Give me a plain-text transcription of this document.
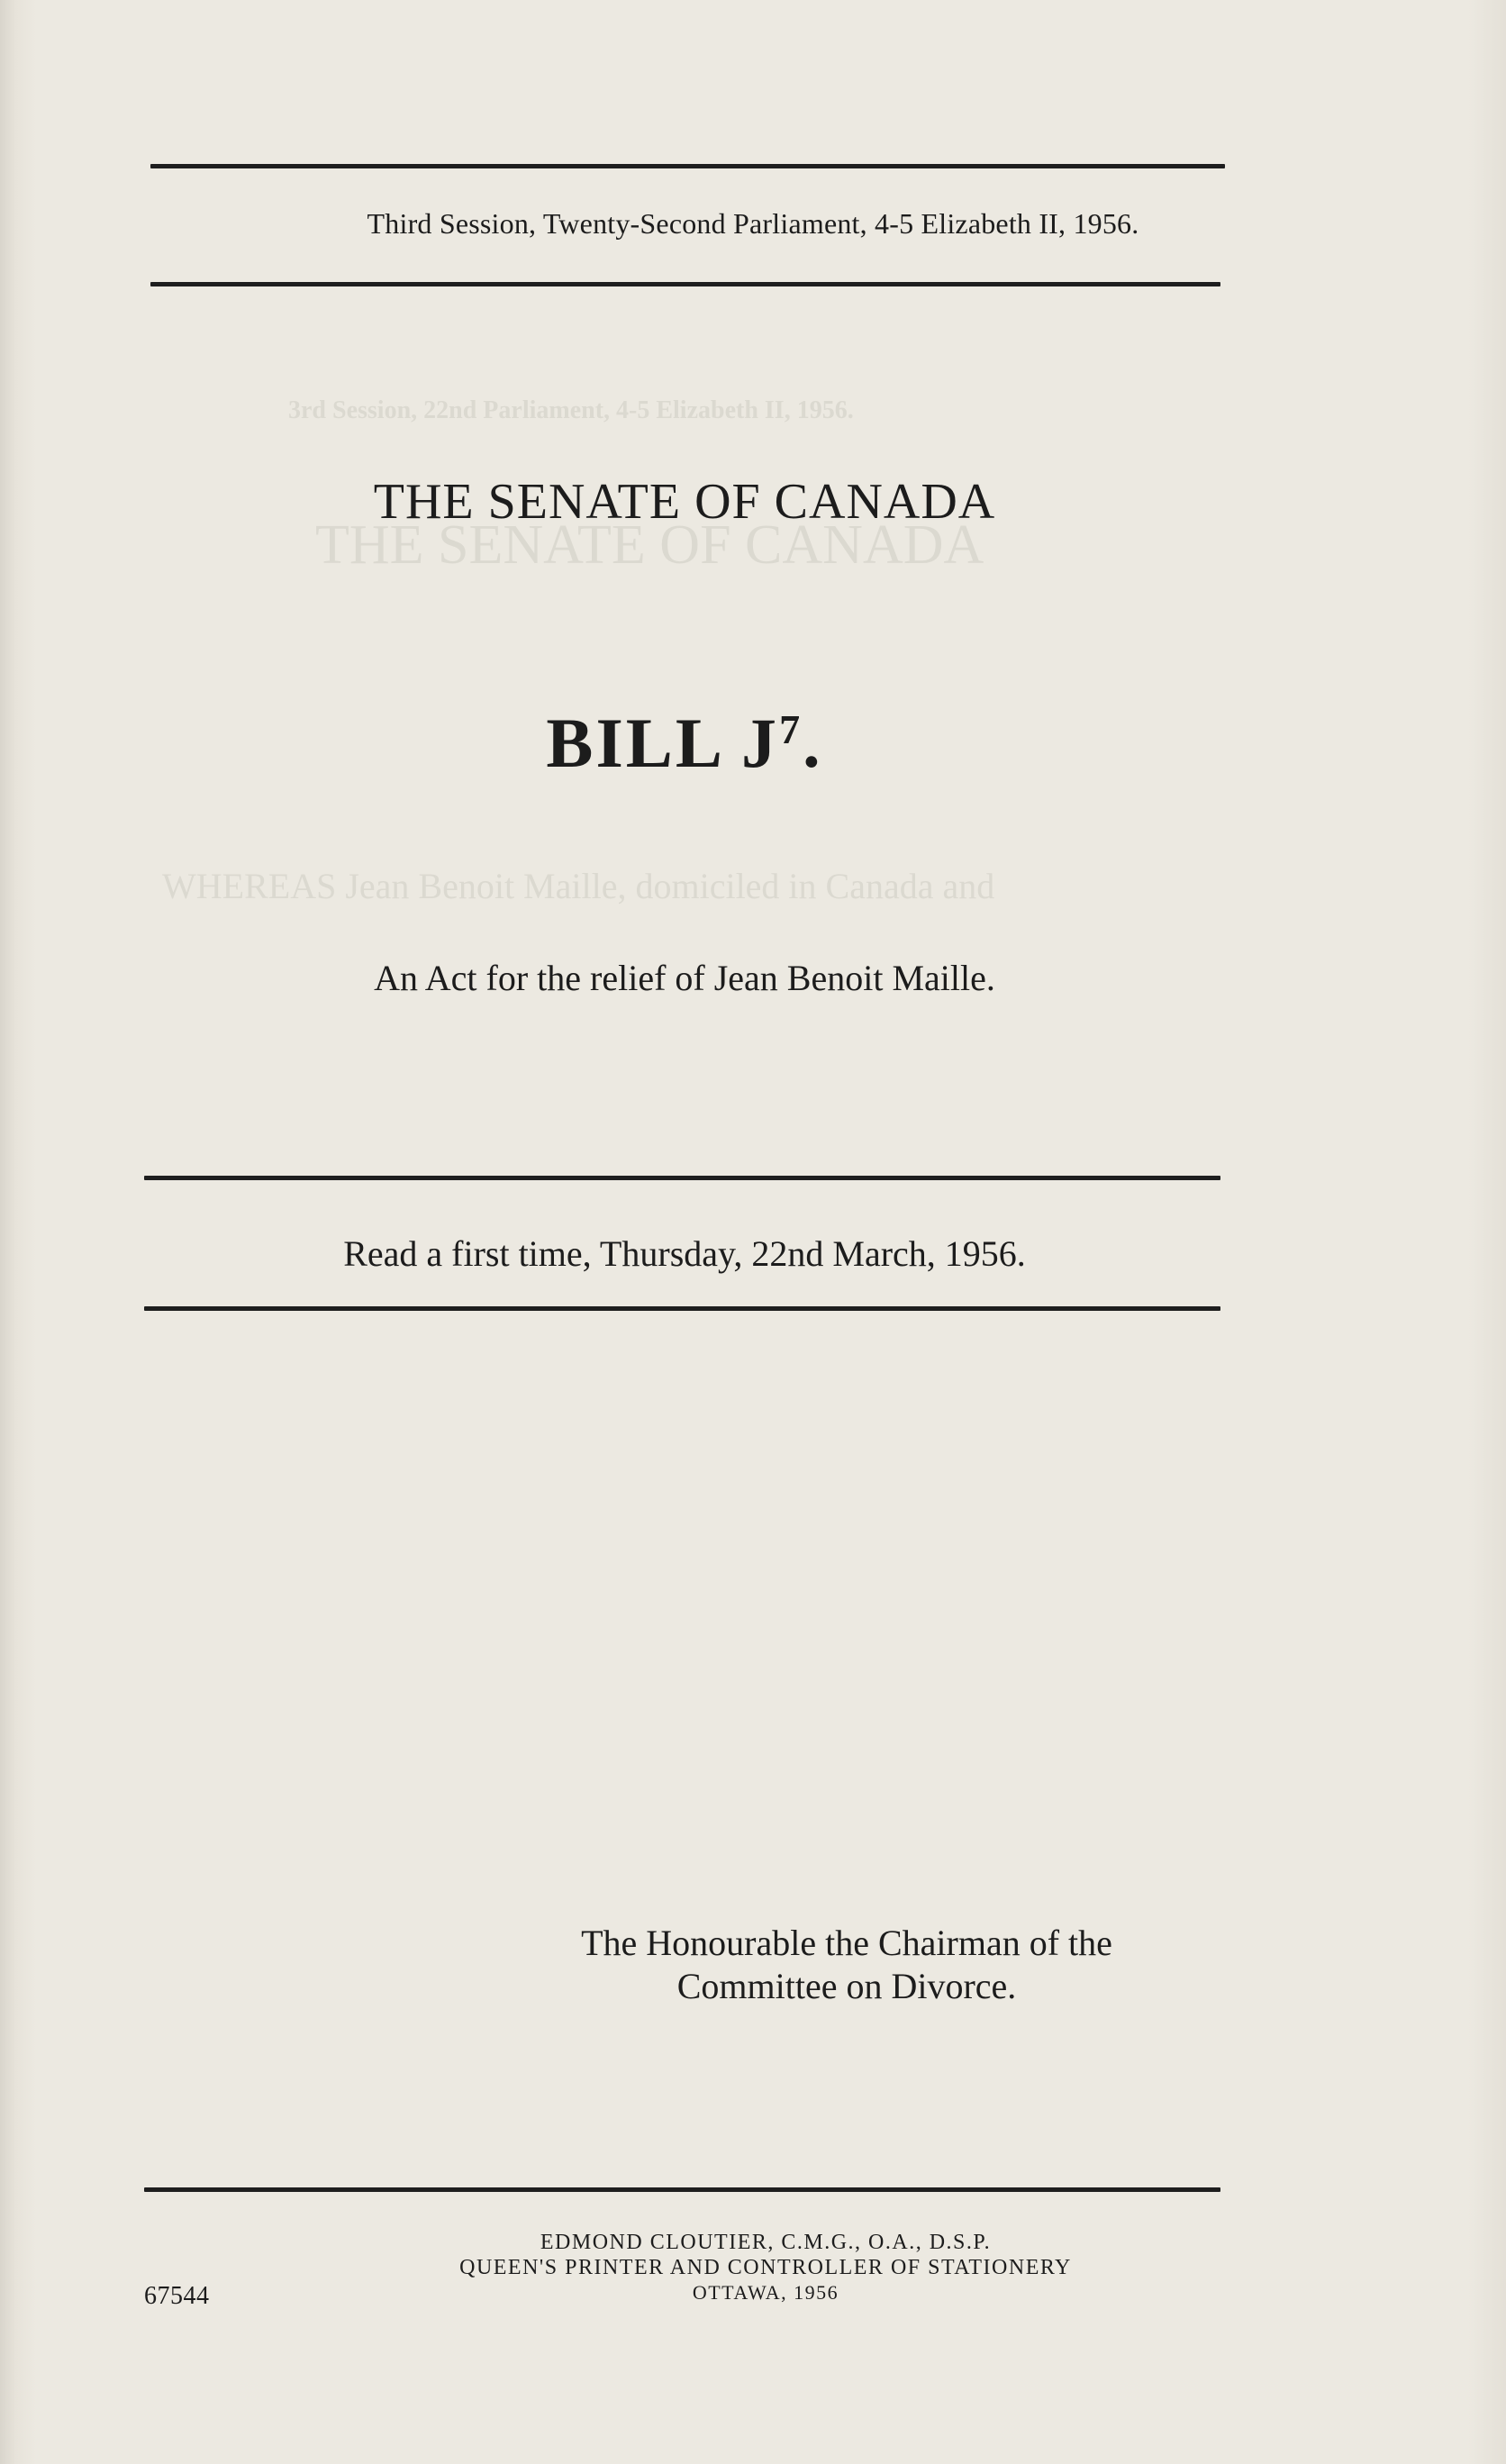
3rd Session, 22nd Parliament, 4-5 Elizabeth II, 1956.
THE SENATE OF CANADA
WHEREAS Jean Benoit Maille, domiciled in Canada and
Third Session, Twenty-Second Parliament, 4-5 Elizabeth II, 1956.
THE SENATE OF CANADA
BILL $J^7$.
An Act for the relief of Jean Benoit Maille.
Read a first time, Thursday, 22nd March, 1956.
The Honourable the Chairman of the
Committee on Divorce.
EDMOND CLOUTIER, C.M.G., O.A., D.S.P.
QUEEN'S PRINTER AND CONTROLLER OF STATIONERY
OTTAWA, 1956
67544
